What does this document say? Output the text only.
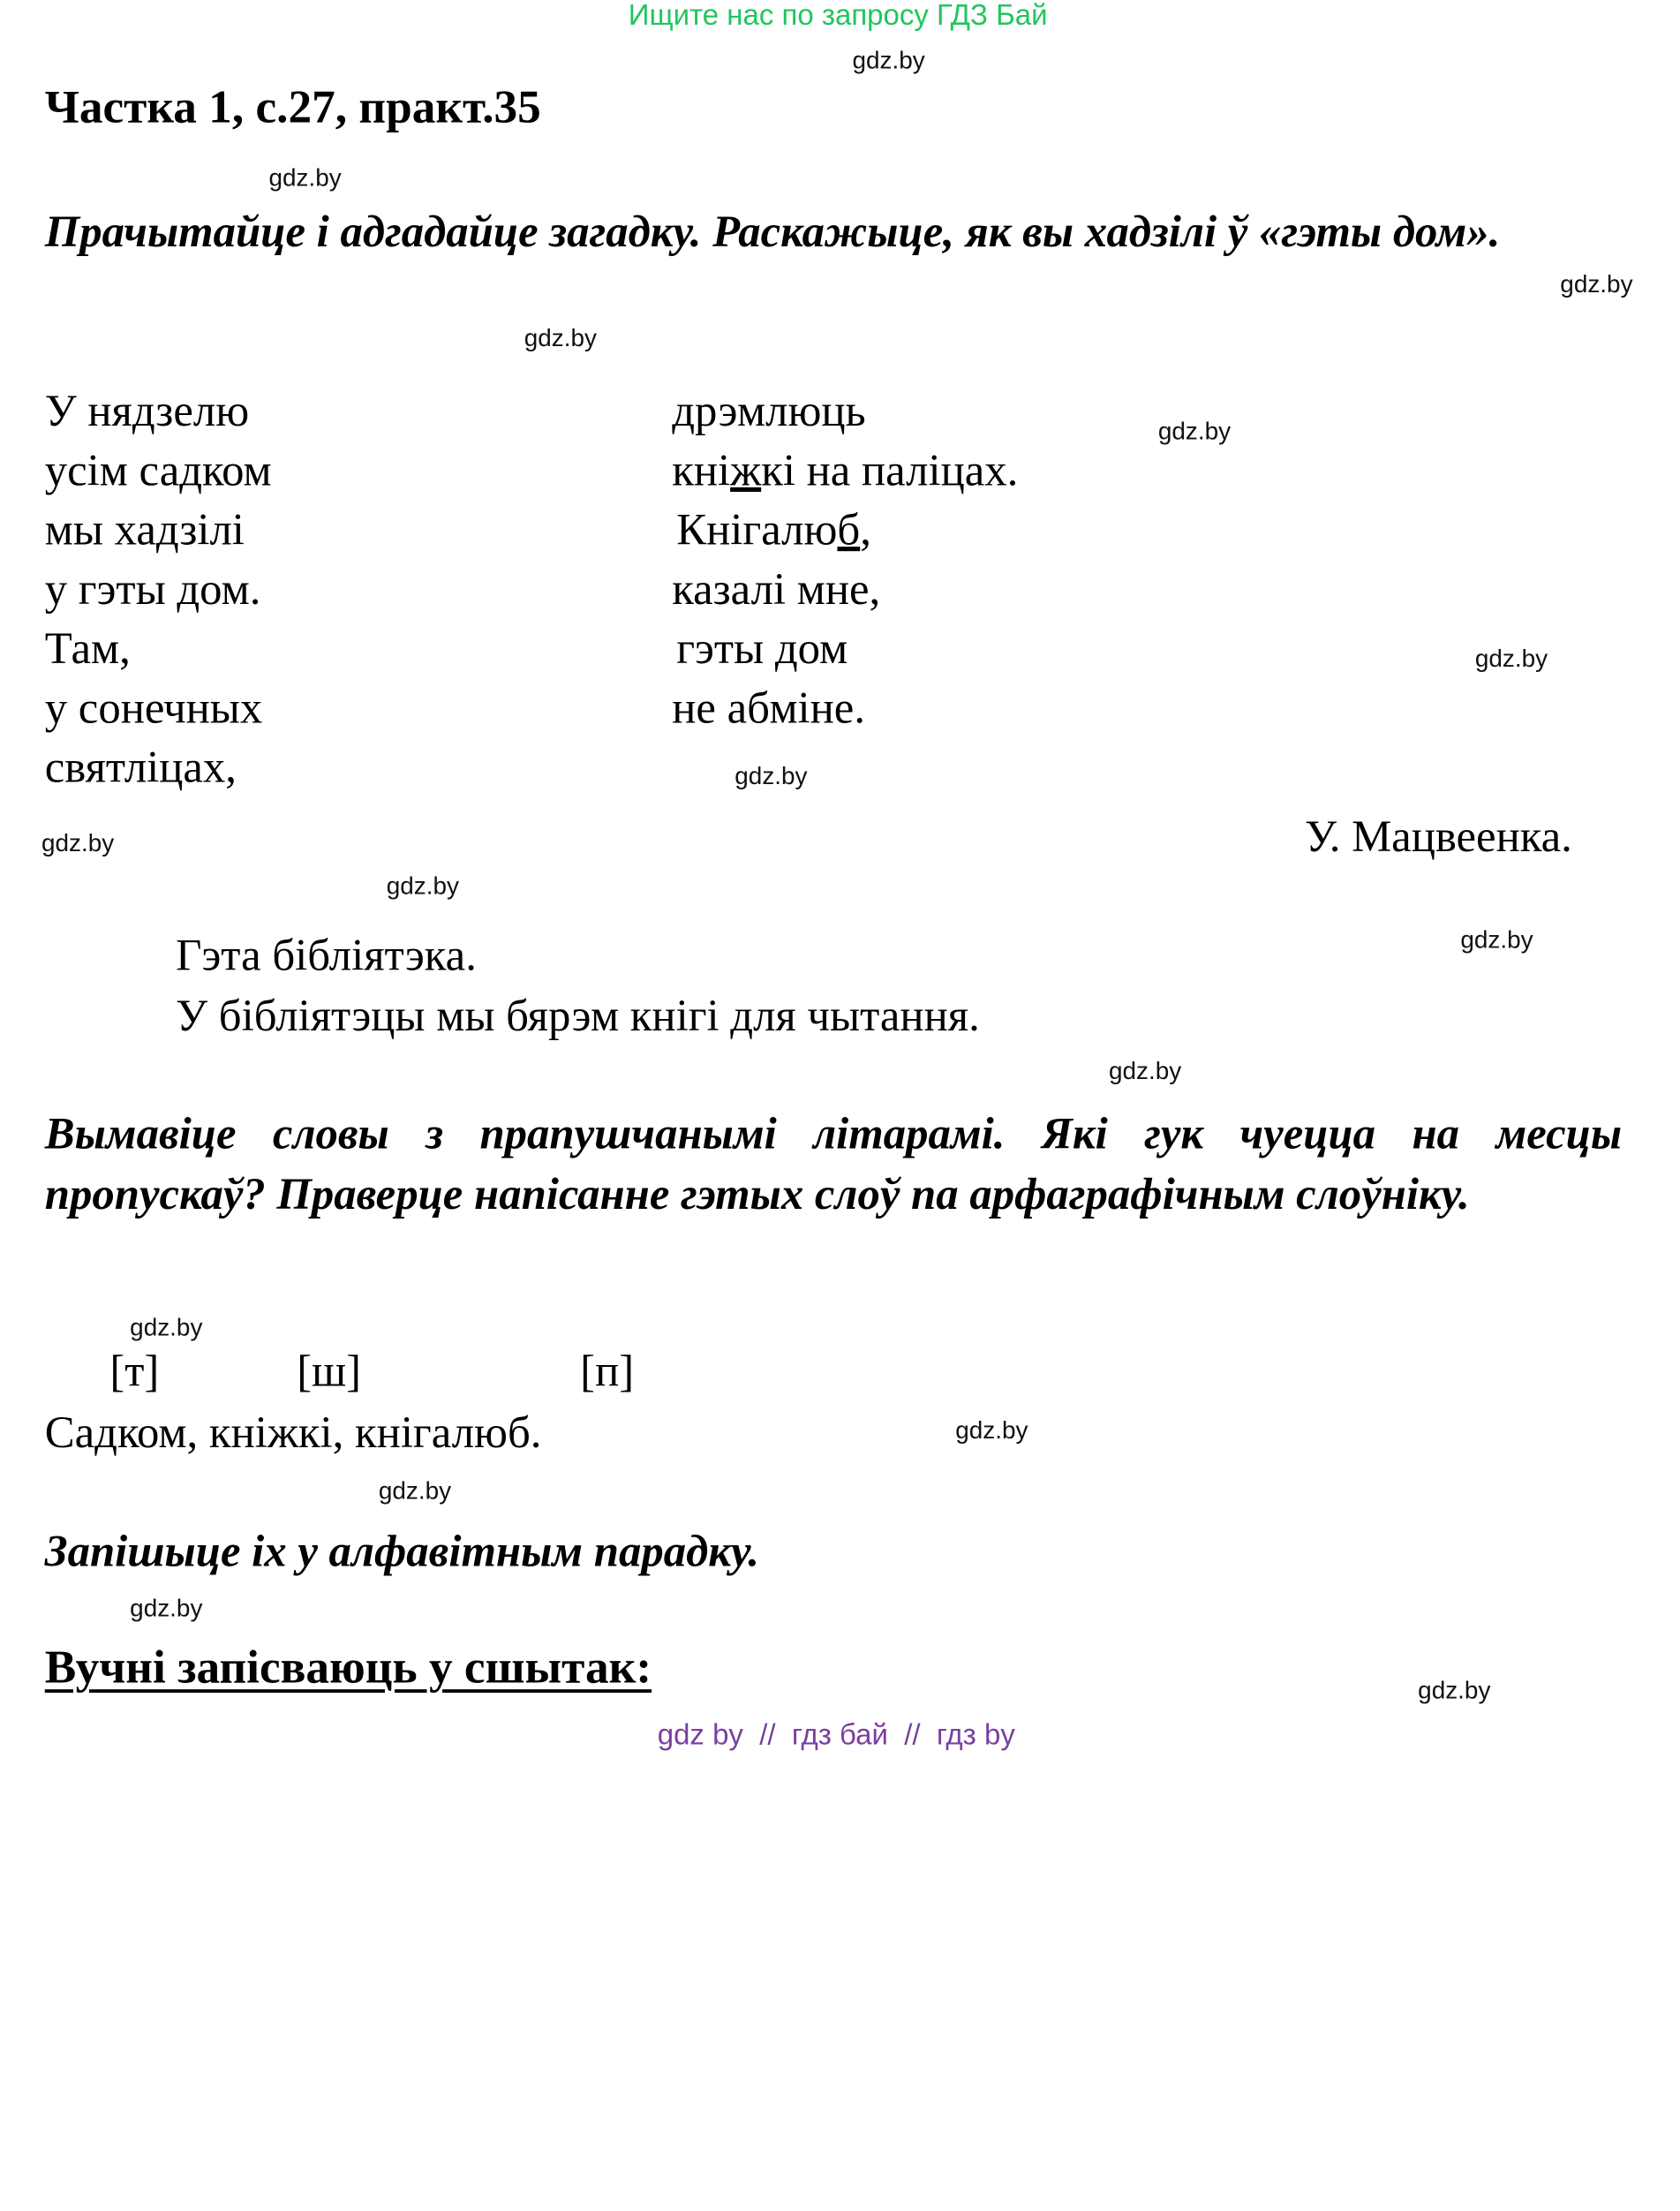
Ищите нас по запросу ГДЗ Бай
gdz.by
Частка 1, с.27, практ.35
gdz.by
Прачытайце і адгадайце загадку. Раскажыце, як вы хадзілі ў «гэты дом».
gdz.by
gdz.by
У нядзелю
усім садком
мы хадзілі
у гэты дом.
Там,
у сонечных
святліцах,
дрэмлюць
кніжкі на паліцах.
Кнігалюб,
казалі мне,
гэты дом
не абміне.
gdz.by
gdz.by
gdz.by
У. Мацвеенка.
gdz.by
gdz.by
gdz.by
Гэта бібліятэка.
У бібліятэцы мы бярэм кнігі для чытання.
gdz.by
Вымавіце словы з прапушчанымі літарамі. Які гук чуецца на месцы пропускаў? Праверце напісанне гэтых слоў па арфаграфічным слоўніку.
gdz.by
[т]	[ш]	[п]
Садком, кніжкі, кнігалюб.	gdz.by
gdz.by
Запішыце іх у алфавітным парадку.
gdz.by
Вучні запісваюць у сшытак:	gdz.by
gdz by  //  гдз бай  //  гдз by
